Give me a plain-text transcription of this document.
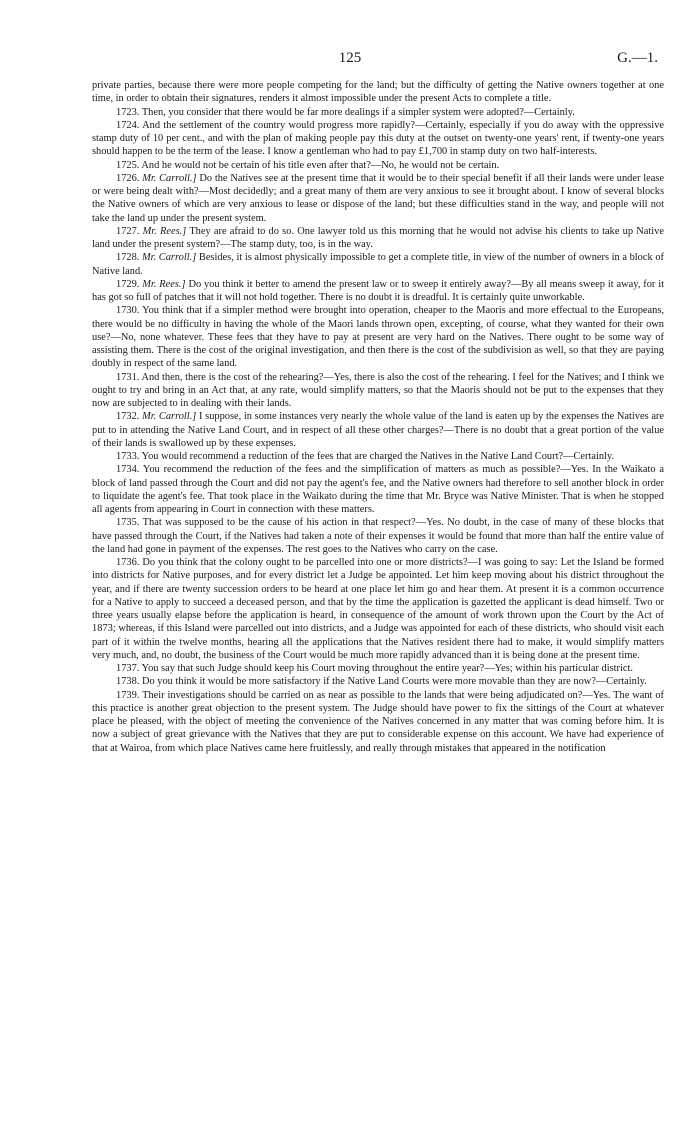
125	G.—1.

private parties, because there were more people competing for the land; but the difficulty of getting the Native owners together at one time, in order to obtain their signatures, renders it almost impossible under the present Acts to complete a title.

1723. Then, you consider that there would be far more dealings if a simpler system were adopted?—Certainly.

1724. And the settlement of the country would progress more rapidly?—Certainly, especially if you do away with the oppressive stamp duty of 10 per cent., and with the plan of making people pay this duty at the outset on twenty-one years' rent, if twenty-one years should happen to be the term of the lease. I know a gentleman who had to pay £1,700 in stamp duty on two half-interests.

1725. And he would not be certain of his title even after that?—No, he would not be certain.

1726. Mr. Carroll.] Do the Natives see at the present time that it would be to their special benefit if all their lands were under lease or were being dealt with?—Most decidedly; and a great many of them are very anxious to see it brought about. I know of several blocks the Native owners of which are very anxious to lease or dispose of the land; but these difficulties stand in the way, and people will not take the land up under the present system.

1727. Mr. Rees.] They are afraid to do so. One lawyer told us this morning that he would not advise his clients to take up Native land under the present system?—The stamp duty, too, is in the way.

1728. Mr. Carroll.] Besides, it is almost physically impossible to get a complete title, in view of the number of owners in a block of Native land.

1729. Mr. Rees.] Do you think it better to amend the present law or to sweep it entirely away?—By all means sweep it away, for it has got so full of patches that it will not hold together. There is no doubt it is dreadful. It is certainly quite unworkable.

1730. You think that if a simpler method were brought into operation, cheaper to the Maoris and more effectual to the Europeans, there would be no difficulty in having the whole of the Maori lands thrown open, excepting, of course, what they wanted for their own use?—No, none whatever. These fees that they have to pay at present are very hard on the Natives. There ought to be some way of assisting them. There is the cost of the original investigation, and then there is the cost of the subdivision as well, so that they are paying doubly in respect of the same land.

1731. And then, there is the cost of the rehearing?—Yes, there is also the cost of the rehearing. I feel for the Natives; and I think we ought to try and bring in an Act that, at any rate, would simplify matters, so that the Maoris should not be put to the expenses that they now are subjected to in dealing with their lands.

1732. Mr. Carroll.] I suppose, in some instances very nearly the whole value of the land is eaten up by the expenses the Natives are put to in attending the Native Land Court, and in respect of all these other charges?—There is no doubt that a great portion of the value of their lands is swallowed up by these expenses.

1733. You would recommend a reduction of the fees that are charged the Natives in the Native Land Court?—Certainly.

1734. You recommend the reduction of the fees and the simplification of matters as much as possible?—Yes. In the Waikato a block of land passed through the Court and did not pay the agent's fee, and the Native owners had therefore to sell another block in order to liquidate the agent's fee. That took place in the Waikato during the time that Mr. Bryce was Native Minister. That is when he stopped all agents from appearing in Court in connection with these matters.

1735. That was supposed to be the cause of his action in that respect?—Yes. No doubt, in the case of many of these blocks that have passed through the Court, if the Natives had taken a note of their expenses it would be found that more than half the entire value of the land had gone in payment of the expenses. The rest goes to the Natives who carry on the case.

1736. Do you think that the colony ought to be parcelled into one or more districts?—I was going to say: Let the Island be formed into districts for Native purposes, and for every district let a Judge be appointed. Let him keep moving about his district throughout the year, and if there are twenty succession orders to be heard at one place let him go and hear them. At present it is a common occurrence for a Native to apply to succeed a deceased person, and that by the time the application is gazetted the applicant is dead himself. Two or three years usually elapse before the application is heard, in consequence of the amount of work thrown upon the Court by the Act of 1873; whereas, if this Island were parcelled out into districts, and a Judge was appointed for each of these districts, who should visit each part of it within the twelve months, hearing all the applications that the Natives resident there had to make, it would simplify matters very much, and, no doubt, the business of the Court would be much more rapidly advanced than it is being done at the present time.

1737. You say that such Judge should keep his Court moving throughout the entire year?—Yes; within his particular district.

1738. Do you think it would be more satisfactory if the Native Land Courts were more movable than they are now?—Certainly.

1739. Their investigations should be carried on as near as possible to the lands that were being adjudicated on?—Yes. The want of this practice is another great objection to the present system. The Judge should have power to fix the sittings of the Court at whatever place he pleased, with the object of meeting the convenience of the Natives concerned in any matter that was coming before him. It is now a subject of great grievance with the Natives that they are put to considerable expense on this account. We have had experience of that at Wairoa, from which place Natives came here fruitlessly, and really through mistakes that appeared in the notification
